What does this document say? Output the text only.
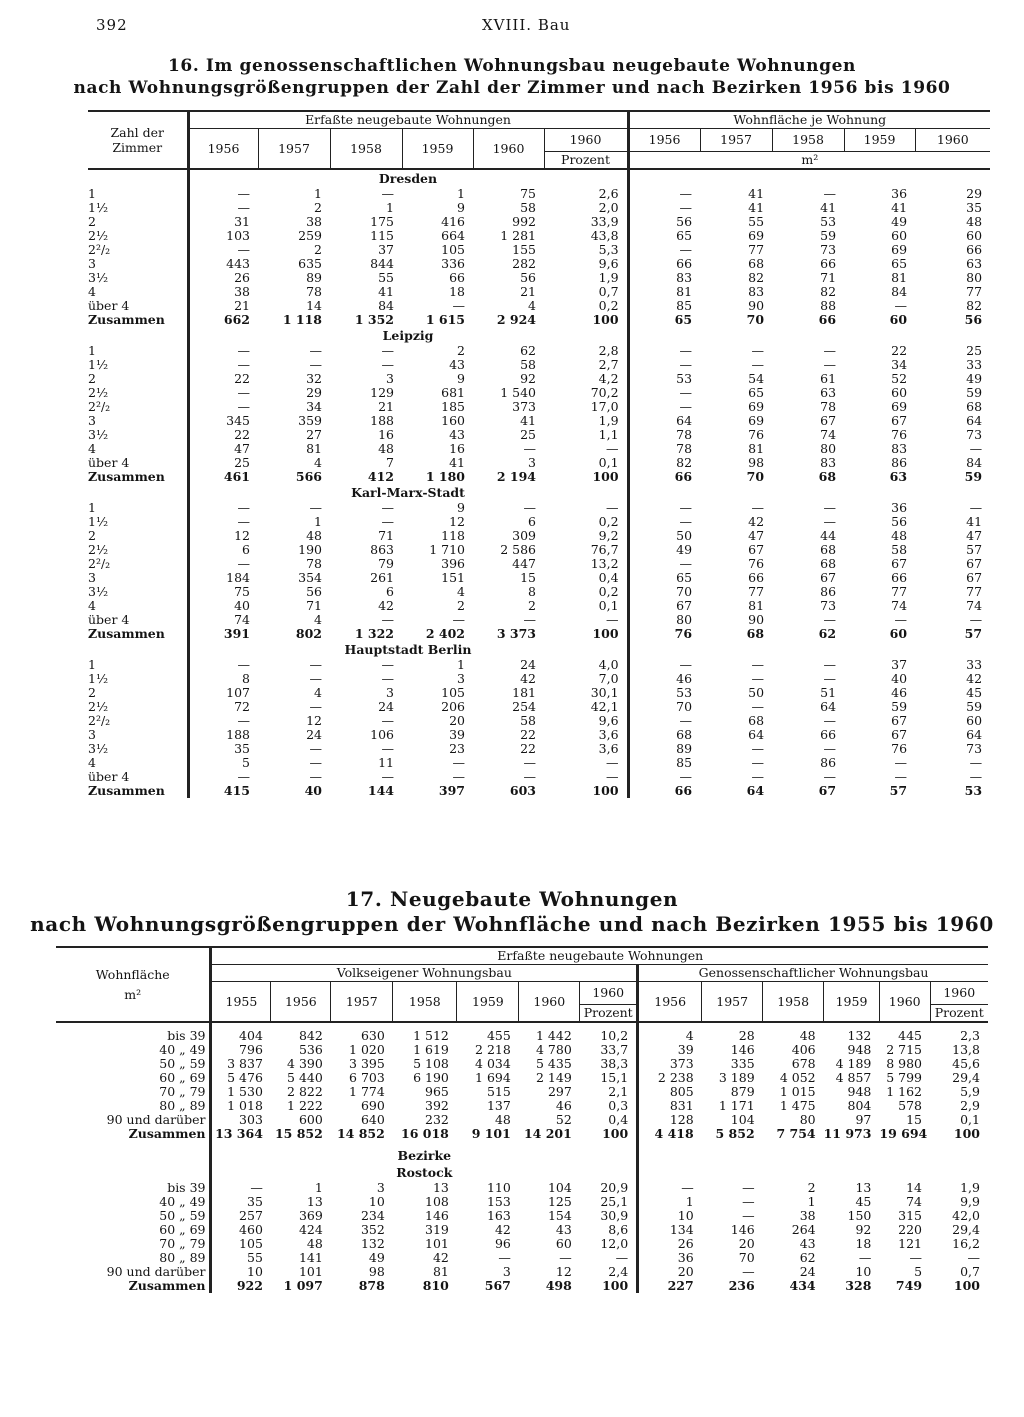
392	XVIII. Bau
16. Im genossenschaftlichen Wohnungsbau neugebaute Wohnungen
nach Wohnungsgrößengruppen der Zahl der Zimmer und nach Bezirken 1956 bis 1960
Zahl der Zimmer	Erfaßte neugebaute Wohnungen						Wohnfläche je Wohnung				
	1956	1957	1958	1959	1960	1960	1956	1957	1958	1959	1960
						Prozent	m²				
	Dresden										
1	—	1	—	1	75	2,6	—	41	—	36	29
1½	—	2	1	9	58	2,0	—	41	41	41	35
2	31	38	175	416	992	33,9	56	55	53	49	48
2½	103	259	115	664	1 281	43,8	65	69	59	60	60
2²/₂	—	2	37	105	155	5,3	—	77	73	69	66
3	443	635	844	336	282	9,6	66	68	66	65	63
3½	26	89	55	66	56	1,9	83	82	71	81	80
4	38	78	41	18	21	0,7	81	83	82	84	77
über 4	21	14	84	—	4	0,2	85	90	88	—	82
Zusammen	662	1 118	1 352	1 615	2 924	100	65	70	66	60	56
	Leipzig										
1	—	—	—	2	62	2,8	—	—	—	22	25
1½	—	—	—	43	58	2,7	—	—	—	34	33
2	22	32	3	9	92	4,2	53	54	61	52	49
2½	—	29	129	681	1 540	70,2	—	65	63	60	59
2²/₂	—	34	21	185	373	17,0	—	69	78	69	68
3	345	359	188	160	41	1,9	64	69	67	67	64
3½	22	27	16	43	25	1,1	78	76	74	76	73
4	47	81	48	16	—	—	78	81	80	83	—
über 4	25	4	7	41	3	0,1	82	98	83	86	84
Zusammen	461	566	412	1 180	2 194	100	66	70	68	63	59
	Karl-Marx-Stadt										
1	—	—	—	9	—	—	—	—	—	36	—
1½	—	1	—	12	6	0,2	—	42	—	56	41
2	12	48	71	118	309	9,2	50	47	44	48	47
2½	6	190	863	1 710	2 586	76,7	49	67	68	58	57
2²/₂	—	78	79	396	447	13,2	—	76	68	67	67
3	184	354	261	151	15	0,4	65	66	67	66	67
3½	75	56	6	4	8	0,2	70	77	86	77	77
4	40	71	42	2	2	0,1	67	81	73	74	74
über 4	74	4	—	—	—	—	80	90	—	—	—
Zusammen	391	802	1 322	2 402	3 373	100	76	68	62	60	57
	Hauptstadt Berlin										
1	—	—	—	1	24	4,0	—	—	—	37	33
1½	8	—	—	3	42	7,0	46	—	—	40	42
2	107	4	3	105	181	30,1	53	50	51	46	45
2½	72	—	24	206	254	42,1	70	—	64	59	59
2²/₂	—	12	—	20	58	9,6	—	68	—	67	60
3	188	24	106	39	22	3,6	68	64	66	67	64
3½	35	—	—	23	22	3,6	89	—	—	76	73
4	5	—	11	—	—	—	85	—	86	—	—
über 4	—	—	—	—	—	—	—	—	—	—	—
Zusammen	415	40	144	397	603	100	66	64	67	57	53
17. Neugebaute Wohnungen
nach Wohnungsgrößengruppen der Wohnfläche und nach Bezirken 1955 bis 1960
Wohnfläche
m²	Erfaßte neugebaute Wohnungen												
	Volkseigener Wohnungsbau							Genossenschaftlicher Wohnungsbau					
	1955	1956	1957	1958	1959	1960	1960	1956	1957	1958	1959	1960	1960
							Prozent						Prozent

bis 39	404	842	630	1 512	455	1 442	10,2	4	28	48	132	445	2,3
40 „ 49	796	536	1 020	1 619	2 218	4 780	33,7	39	146	406	948	2 715	13,8
50 „ 59	3 837	4 390	3 395	5 108	4 034	5 435	38,3	373	335	678	4 189	8 980	45,6
60 „ 69	5 476	5 440	6 703	6 190	1 694	2 149	15,1	2 238	3 189	4 052	4 857	5 799	29,4
70 „ 79	1 530	2 822	1 774	965	515	297	2,1	805	879	1 015	948	1 162	5,9
80 „ 89	1 018	1 222	690	392	137	46	0,3	831	1 171	1 475	804	578	2,9
90 und darüber	303	600	640	232	48	52	0,4	128	104	80	97	15	0,1
Zusammen	13 364	15 852	14 852	16 018	9 101	14 201	100	4 418	5 852	7 754	11 973	19 694	100

	Bezirke												
	Rostock												
bis 39	—	1	3	13	110	104	20,9	—	—	2	13	14	1,9
40 „ 49	35	13	10	108	153	125	25,1	1	—	1	45	74	9,9
50 „ 59	257	369	234	146	163	154	30,9	10	—	38	150	315	42,0
60 „ 69	460	424	352	319	42	43	8,6	134	146	264	92	220	29,4
70 „ 79	105	48	132	101	96	60	12,0	26	20	43	18	121	16,2
80 „ 89	55	141	49	42	—	—	—	36	70	62	—	—	—
90 und darüber	10	101	98	81	3	12	2,4	20	—	24	10	5	0,7
Zusammen	922	1 097	878	810	567	498	100	227	236	434	328	749	100
